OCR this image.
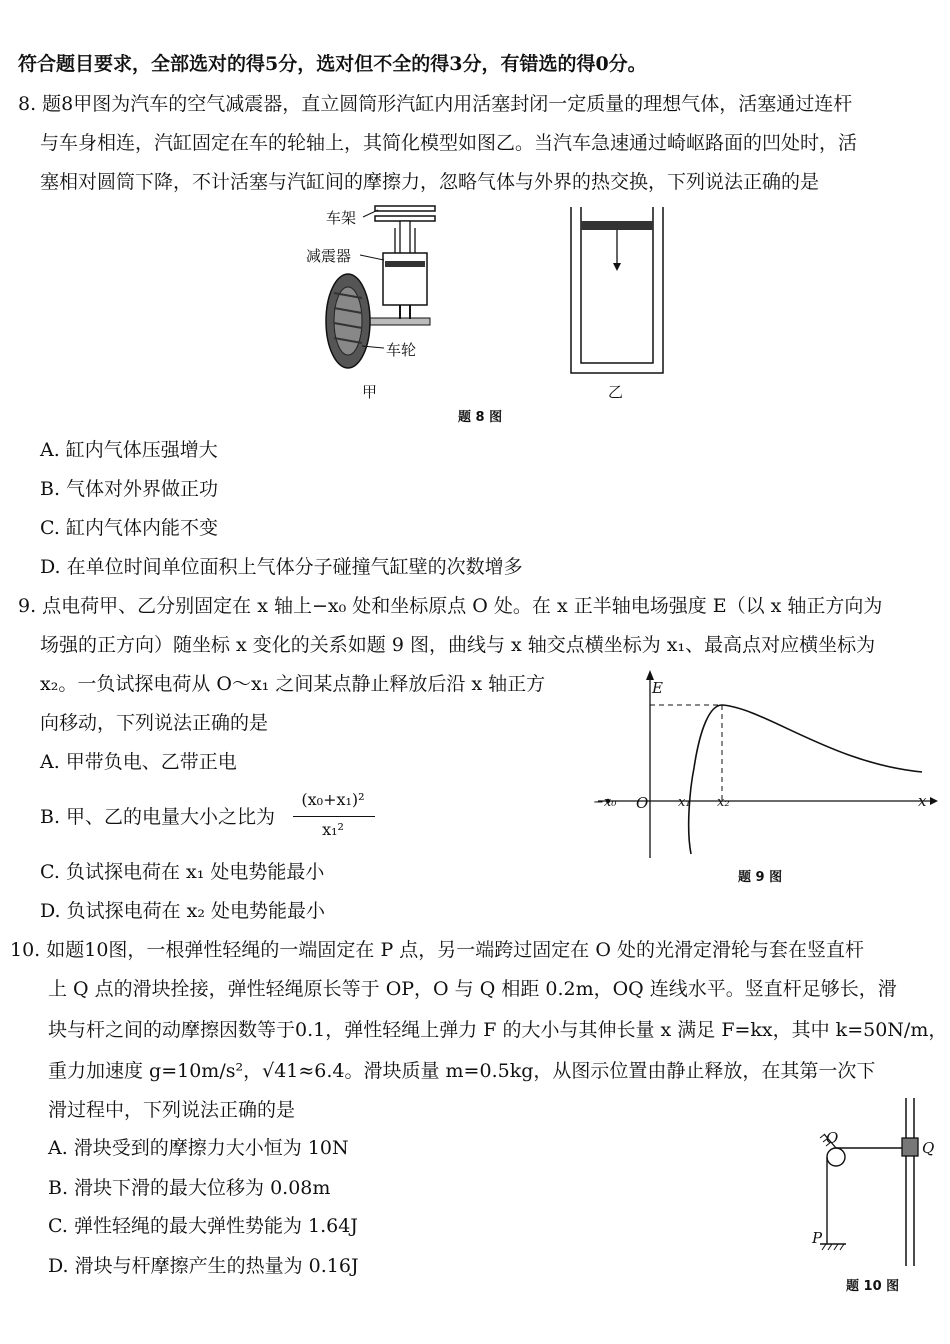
符合题目要求，全部选对的得5分，选对但不全的得3分，有错选的得0分。
8. 题8甲图为汽车的空气减震器，直立圆筒形汽缸内用活塞封闭一定质量的理想气体，活塞通过连杆
与车身相连，汽缸固定在车的轮轴上，其简化模型如图乙。当汽车急速通过崎岖路面的凹处时，活
塞相对圆筒下降，不计活塞与汽缸间的摩擦力，忽略气体与外界的热交换，下列说法正确的是
车架
减震器
车轮
甲	乙
题 8 图
A. 缸内气体压强增大
B. 气体对外界做正功
C. 缸内气体内能不变
D. 在单位时间单位面积上气体分子碰撞气缸壁的次数增多
9. 点电荷甲、乙分别固定在 x 轴上−x₀ 处和坐标原点 O 处。在 x 正半轴电场强度 E（以 x 轴正方向为
场强的正方向）随坐标 x 变化的关系如题 9 图，曲线与 x 轴交点横坐标为 x₁、最高点对应横坐标为
x₂。一负试探电荷从 O～x₁ 之间某点静止释放后沿 x 轴正方
向移动，下列说法正确的是
A. 甲带负电、乙带正电
B. 甲、乙的电量大小之比为
(x₀+x₁)²
x₁²
C. 负试探电荷在 x₁ 处电势能最小
D. 负试探电荷在 x₂ 处电势能最小
E
O
−x₀	x₁ x₂	x
题 9 图
10. 如题10图，一根弹性轻绳的一端固定在 P 点，另一端跨过固定在 O 处的光滑定滑轮与套在竖直杆
上 Q 点的滑块拴接，弹性轻绳原长等于 OP，O 与 Q 相距 0.2m，OQ 连线水平。竖直杆足够长，滑
块与杆之间的动摩擦因数等于0.1，弹性轻绳上弹力 F 的大小与其伸长量 x 满足 F=kx，其中 k=50N/m，
重力加速度 g=10m/s²，√41≈6.4。滑块质量 m=0.5kg，从图示位置由静止释放，在其第一次下
滑过程中，下列说法正确的是
A. 滑块受到的摩擦力大小恒为 10N
B. 滑块下滑的最大位移为 0.08m
C. 弹性轻绳的最大弹性势能为 1.64J
D. 滑块与杆摩擦产生的热量为 0.16J
O
Q
P
题 10 图
